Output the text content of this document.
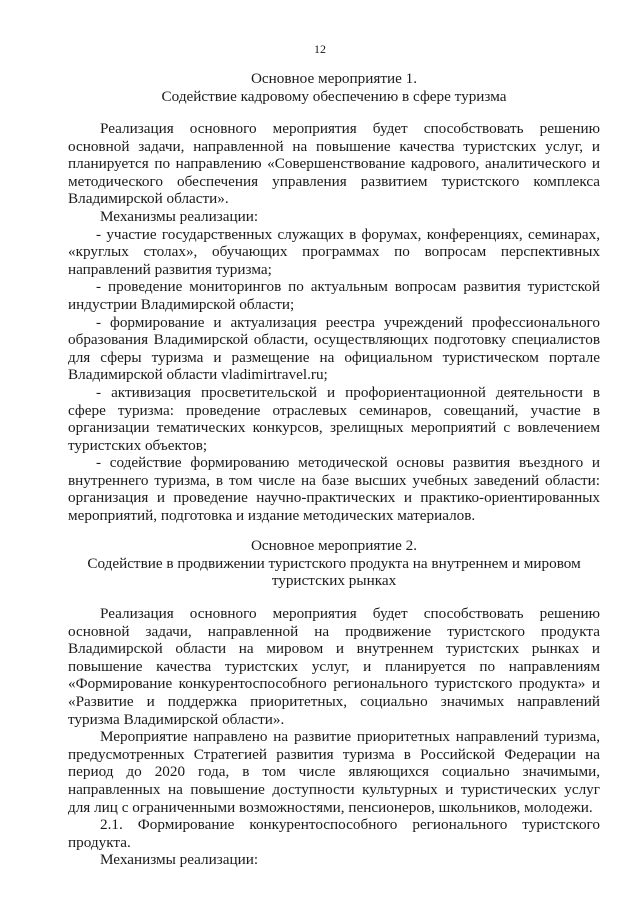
12
Основное мероприятие 1.
Содействие кадровому обеспечению в сфере туризма

Реализация основного мероприятия будет способствовать решению основной задачи, направленной на повышение качества туристских услуг, и планируется по направлению «Совершенствование кадрового, аналитического и методического обеспечения управления развитием туристского комплекса Владимирской области».

Механизмы реализации:

- участие государственных служащих в форумах, конференциях, семинарах, «круглых столах», обучающих программах по вопросам перспективных направлений развития туризма;

- проведение мониторингов по актуальным вопросам развития туристской индустрии Владимирской области;

- формирование и актуализация реестра учреждений профессионального образования Владимирской области, осуществляющих подготовку специалистов для сферы туризма и размещение на официальном туристическом портале Владимирской области vladimirtravel.ru;

- активизация просветительской и профориентационной деятельности в сфере туризма: проведение отраслевых семинаров, совещаний, участие в организации тематических конкурсов, зрелищных мероприятий с вовлечением туристских объектов;

- содействие формированию методической основы развития въездного и внутреннего туризма, в том числе на базе высших учебных заведений области: организация и проведение научно-практических и практико-ориентированных мероприятий, подготовка и издание методических материалов.

Основное мероприятие 2.
Содействие в продвижении туристского продукта на внутреннем и мировом туристских рынках

Реализация основного мероприятия будет способствовать решению основной задачи, направленной на продвижение туристского продукта Владимирской области на мировом и внутреннем туристских рынках и повышение качества туристских услуг, и планируется по направлениям «Формирование конкурентоспособного регионального туристского продукта» и «Развитие и поддержка приоритетных, социально значимых направлений туризма Владимирской области».

Мероприятие направлено на развитие приоритетных направлений туризма, предусмотренных Стратегией развития туризма в Российской Федерации на период до 2020 года, в том числе являющихся социально значимыми, направленных на повышение доступности культурных и туристических услуг для лиц с ограниченными возможностями, пенсионеров, школьников, молодежи.

2.1. Формирование конкурентоспособного регионального туристского продукта.

Механизмы реализации:
